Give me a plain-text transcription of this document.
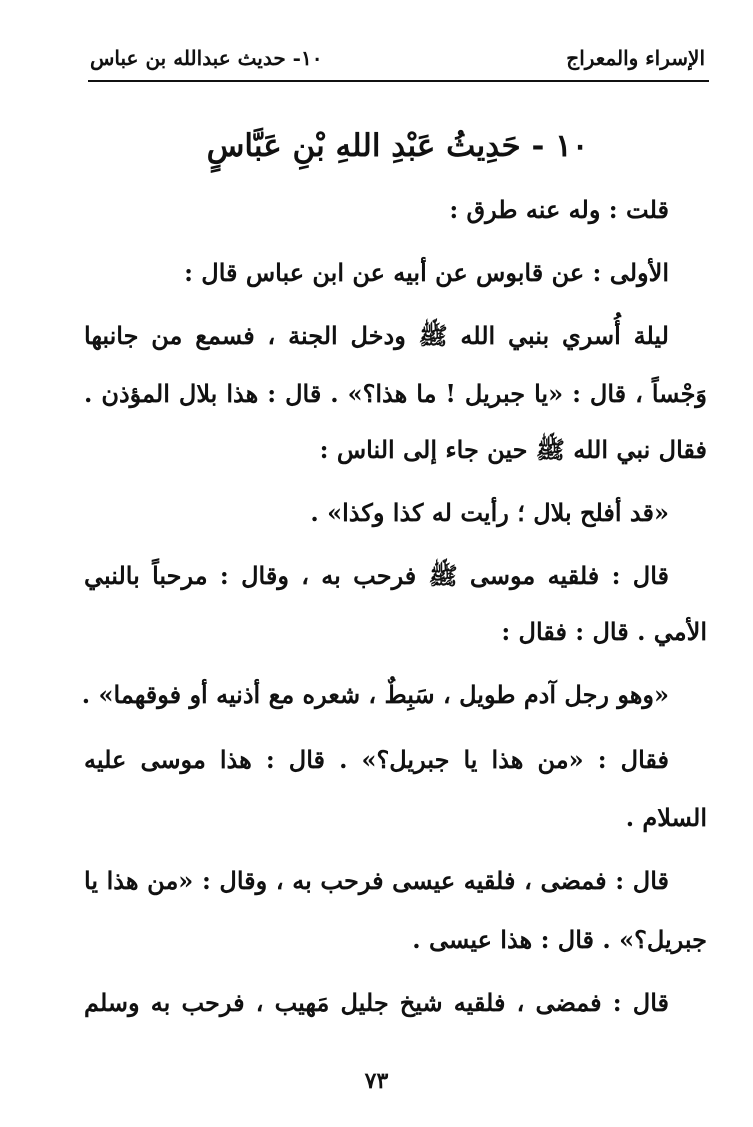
الإسراء والمعراج
١٠- حديث عبدالله بن عباس
١٠ - حَدِيثُ عَبْدِ اللهِ بْنِ عَبَّاسٍ
قلت : وله عنه طرق :
الأولى : عن قابوس عن أبيه عن ابن عباس قال :
ليلة أُسري بنبي الله ﷺ ودخل الجنة ، فسمع من جانبها
وَجْساً ، قال : «يا جبريل ! ما هذا؟» . قال : هذا بلال المؤذن .
فقال نبي الله ﷺ حين جاء إلى الناس :
«قد أفلح بلال ؛ رأيت له كذا وكذا» .
قال : فلقيه موسى ﷺ فرحب به ، وقال : مرحباً بالنبي
الأمي . قال : فقال :
«وهو رجل آدم طويل ، سَبِطٌ ، شعره مع أذنيه أو فوقهما» .
فقال : «من هذا يا جبريل؟» . قال : هذا موسى عليه
السلام .
قال : فمضى ، فلقيه عيسى فرحب به ، وقال : «من هذا يا
جبريل؟» . قال : هذا عيسى .
قال : فمضى ، فلقيه شيخ جليل مَهيب ، فرحب به وسلم
٧٣
